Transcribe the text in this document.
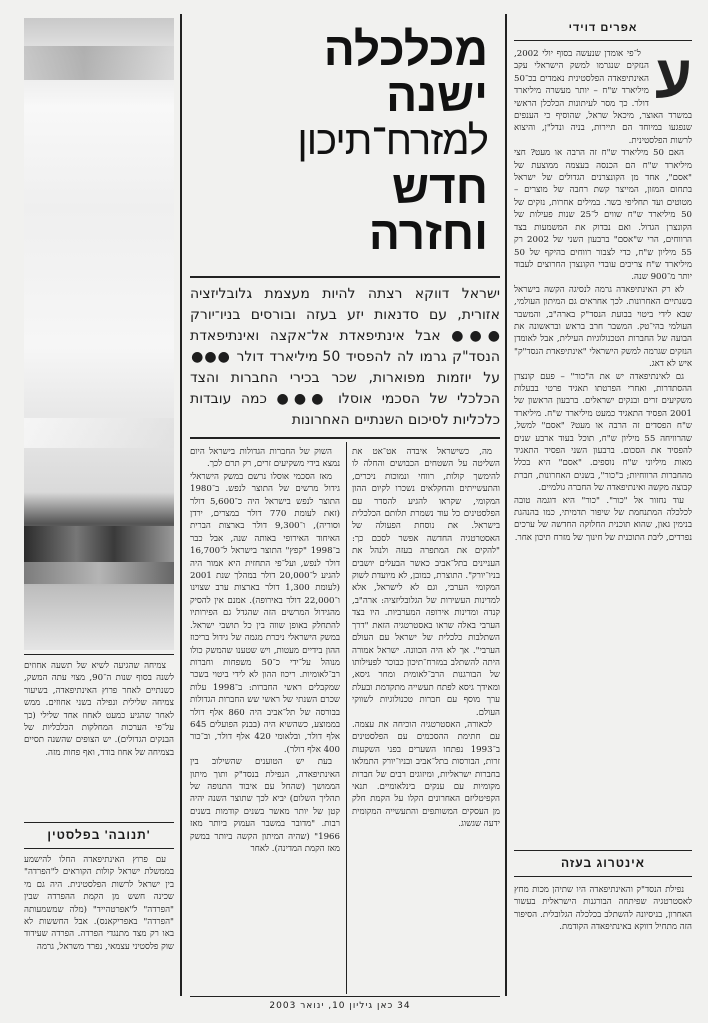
אפרים דוידי
מכלכלה
ישנה
למזרח־תיכון
חדש
וחזרה
ישראל דווקא רצתה להיות מעצמת גלובליזציה אזורית, עם סדנאות יזע בעזה ובורסים בניו־יורק ●●● אבל אינתיפאדת אל־אקצה ואינתיפאדת הנסד"ק גרמו לה להפסיד 50 מיליארד דולר ●●● על יוזמות מפוארות, שכר בכירי החברות והצד הכלכלי של הסכמי אוסלו ●●● כמה עובדות כלכליות לסיכום השנתיים האחרונות
ע

ל־פי אומדן שנעשה בסוף יולי 2002, הנזקים שנגרמו למשק הישראלי עקב האינתיפאדה הפלסטינית נאמדים בכ־50 מיליארד ש"ח – יותר מעשרה מיליארד דולר. כך מסר לעיתונות הכלכלן הראשי במשרד האוצר, מיכאל שראל, שהוסיף כי הענפים שנפגעו במיוחד הם תיירות, בניה ונדל"ן, והיצוא לרשות הפלסטינית.

האם 50 מיליארד ש"ח זה הרבה או מעט? חצי מיליארד ש"ח הם הכנסה בעצמה ממוצעת של "אסם", אחד מן הקונצרנים הגדולים של ישראל בתחום המזון, המייצר קשת רחבה של מוצרים – מטוטים ועד תחליפי בשר. במילים אחרות, נזקים של 50 מיליארד ש"ח שווים ל־25 שנות פעילות של הקונצרן הגדול. ואם נבדוק את המשמעות בצד הרווחים, הרי ש"אסם" ברבעון השני של 2002 רק 55 מיליון ש"ח, כדי לצבור רווחים בהיקף של 50 מיליארד ש"ח צריכים עובדי הקונצרן החרוצים לעבוד יותר מ־900 שנה.

לא רק האינתיפאדה גרמה לנסיגה הקשה בישראל בשנתיים האחרונות. לכך אחראים גם המיתון העולמי, שבא לידי ביטוי בבועת הנסד"ק בארה"ב, והמשבר העולמי בהי־טק. המשבר חרב בראש ובראשונה את הבועה של החברות הטכנולוגיות העילית, אבל לאומדן הנזקים שגרמה למשק הישראלי "אינתיפאדת הנסד"ק" איש לא דאג.

גם לאינתיפאדה יש את ה"כור" – פעם קונצרן ההסתדרות, ואחרי הפרטתו תאגיד פרטי בבעלות משקיעים זרים ובנקים ישראלים. ברבעון הראשון של 2001 הפסיד התאגיד כמעט מיליארד ש"ח. מיליארד ש"ח הפסדים זה הרבה או מעט? "אסם" למשל, שהרוויחה 55 מיליון ש"ח, תוכל בעוד ארבע שנים להפסיד את הסכום. ברבעון השני הפסיד התאגיד מאות מיליוני ש"ח נוספים. "אסם" היא בכלל מהחברות הרווחיות; ב"כור", בשנים האחרונות, חברת קבוצה מקשה ואינתיפאדה של החברה גולמיים.

עוד נחזור אל "כור". "כור" היא דוגמה טובה לכלכלה המתנחמת של שיפור תדמיתי, כמו בהנהגת בנימין גאון, שהוא תוכנית החלוקה החדשה של ערכים נפרדים, ליבת התוכנית של חינוך של מזרח תיכון אחר.

אינטרוג בעזה

נפילת הנסד"ק והאינתיפאדה היו שתיהן מכות מחץ לאסטרטגיה שפיתחה הבורגנות הישראלית בעשור האחרון, בניסיונה להשתלב בכלכלה הגלובלית. הסיפור הזה מתחיל דווקא באינתיפאדה הקודמת.

מה, כשישראל איבדה אט־אט את השליטה על השטחים הכבושים והחלה לו להימשך קולות, רווחי ונמוכות ניכרים, והתעשייתים והחקלאים נשכרו לקיום ההון המקומי, שקראו להגיע להסדר עם הפלסטינים כל עוד נשמרת תלותם הכלכלית בישראל. את נוסחת הפעולה של האסטרטגיה החדשה אפשר לסכם כך: "להקים את המתפרה בעזה ולנהל את העניינים בתל־אביב כאשר הבעלים יושבים בניו־יורק". התוצרת, כמובן, לא מיועדת לשוק המקומי הערבי, וגם לא לישראל, אלא למדינות העשירות של הגלובליזציה: ארה"ב, קנדה ומדינות אירופה המערביות. היו בצד הערבי באלה שראו באסטרטגיה הזאת "דרך השתלבות כלכלית של ישראל עם העולם הערבי". אך לא היה הכוונה. ישראל אמורה היתה להשתלב במזרח־תיכון כבוכר לפעילותו של הבורגנות הרב־לאומית ומחר גיסא, ומאידך גיסא לפתח תעשייה מתקדמת ובעלת ערך מוסף עם חברות טכנולוגיות לשווקי העולם.

לכאורה, האסטרטגיה הוכיחה את עצמה. עם חתימת ההסכמים עם הפלסטינים ב־1993 נפתחו השערים בפני השקעות זרות, הבורסות בתל־אביב ובניו־יורק התמלאו בחברות ישראליות, ומיזוגים רבים של חברות מקומיות עם ענקים בינלאומיים. תנאי הקפיטליזם האחרונים הקלו על הקמת חלק מן העסקים המשותפים והתעשייה המקומית ידעה שגשוג.

השוק של החברות הגדולות בישראל היום נמצא בידי משקיעים זרים, רק תרם לכך.

מאז הסכמי אוסלו נרשם במשק הישראלי גידול מרשים של התוצר לנפש. ב־1980 התוצר לנפש בישראל היה כ־5,600 דולר (זאת לעומת 770 דולר במצרים, ירדן וסוריה), ו־9,300 דולר בארצות הברית האיחוד האירופי באותה שנה, אבל כבר ב־1998 "קפץ" התוצר בישראל ל־16,700 דולר לנפש, ועל־פי התחזית היא אמור היה להגיע ל־20,000 דולר במהלך שנת 2001 (לעומת 1,300 דולר בארצות ערב שצוינו ו־22,000 דולר באירופה). אמנם אין להסיק מהגידול המרשים הזה שהגדל גם הפירותיו להתחלק באופן שווה בין כל תושבי ישראל. במשק הישראלי ניכרת מגמה של גידול בריכוז ההון בידיים מעטות, ויש שטענו שהמשק כולו מנוהל על־ידי כ־50 משפחות וחברות רב־לאומיות. ריכוז ההון לא לידי ביטוי בשכר שמקבלים ראשי החברות: ב־1998 עלות שכרם השנתי של ראשי שש החברות הגדולות בבורסה של תל־אביב היה 860 אלף דולר בממוצע, כשהשיא היה (בבנק הפועלים 645 אלף דולר, ובלאומי 420 אלף דולר, וב־כור 400 אלף דולר).

בעת יש הטוענים שהשילוב בין האינתיפאדה, הנפילת בנסד"ק ותוך מיתון הממושך (שהחל עם איבוד התנופה של תהליך השלום) יביא לכך שתוצר השנה יהיה קטן של יותר מאשר בשנים קודמות בשנים רבות. "מדובר במשבר העמוק ביותר מאז 1966" (שהיה המיתון הקשה ביותר במשק מאז הקמת המדינה). לאחר

צמיחה שהגיעה לשיא של תשעה אחוזים לשנה בסוף שנות ה־90, מצוי עתה המשק, כשנתיים לאחר פרוץ האינתיפאדה, בשיעור צמיחה שלילית ונפילה בשני אחוזים. ממש לאחר שהגיע כמעט לאחוז אחד שלילי (כך על־פי הערכות המחלקות הכלכליות של הבנקים הגדולים). יש הצופים שהשנה תסיים בצמיחה של אחוז בודד, ואף פחות מזה.

'תנובה' בפלסטין

עם פרוץ האינתיפאדה החלו להישמע בממשלת ישראל קולות הקוראים ל"הפרדה" בין ישראל לרשות הפלסטינית. היה גם מי שכינה חשש מן הקמת ההפרדה שבין "הפרדה" ל"אפרטהייד" (מלה שמשמעותה "הפרדה" באפריקאנס). אבל החששות לא באו רק מצד מתנגדי הפרדה. הפרדה שעידוד שוק פלסטיני עצמאי, נפרד משראל, גרמה

34 כאן גיליון 10, ינואר 2003
